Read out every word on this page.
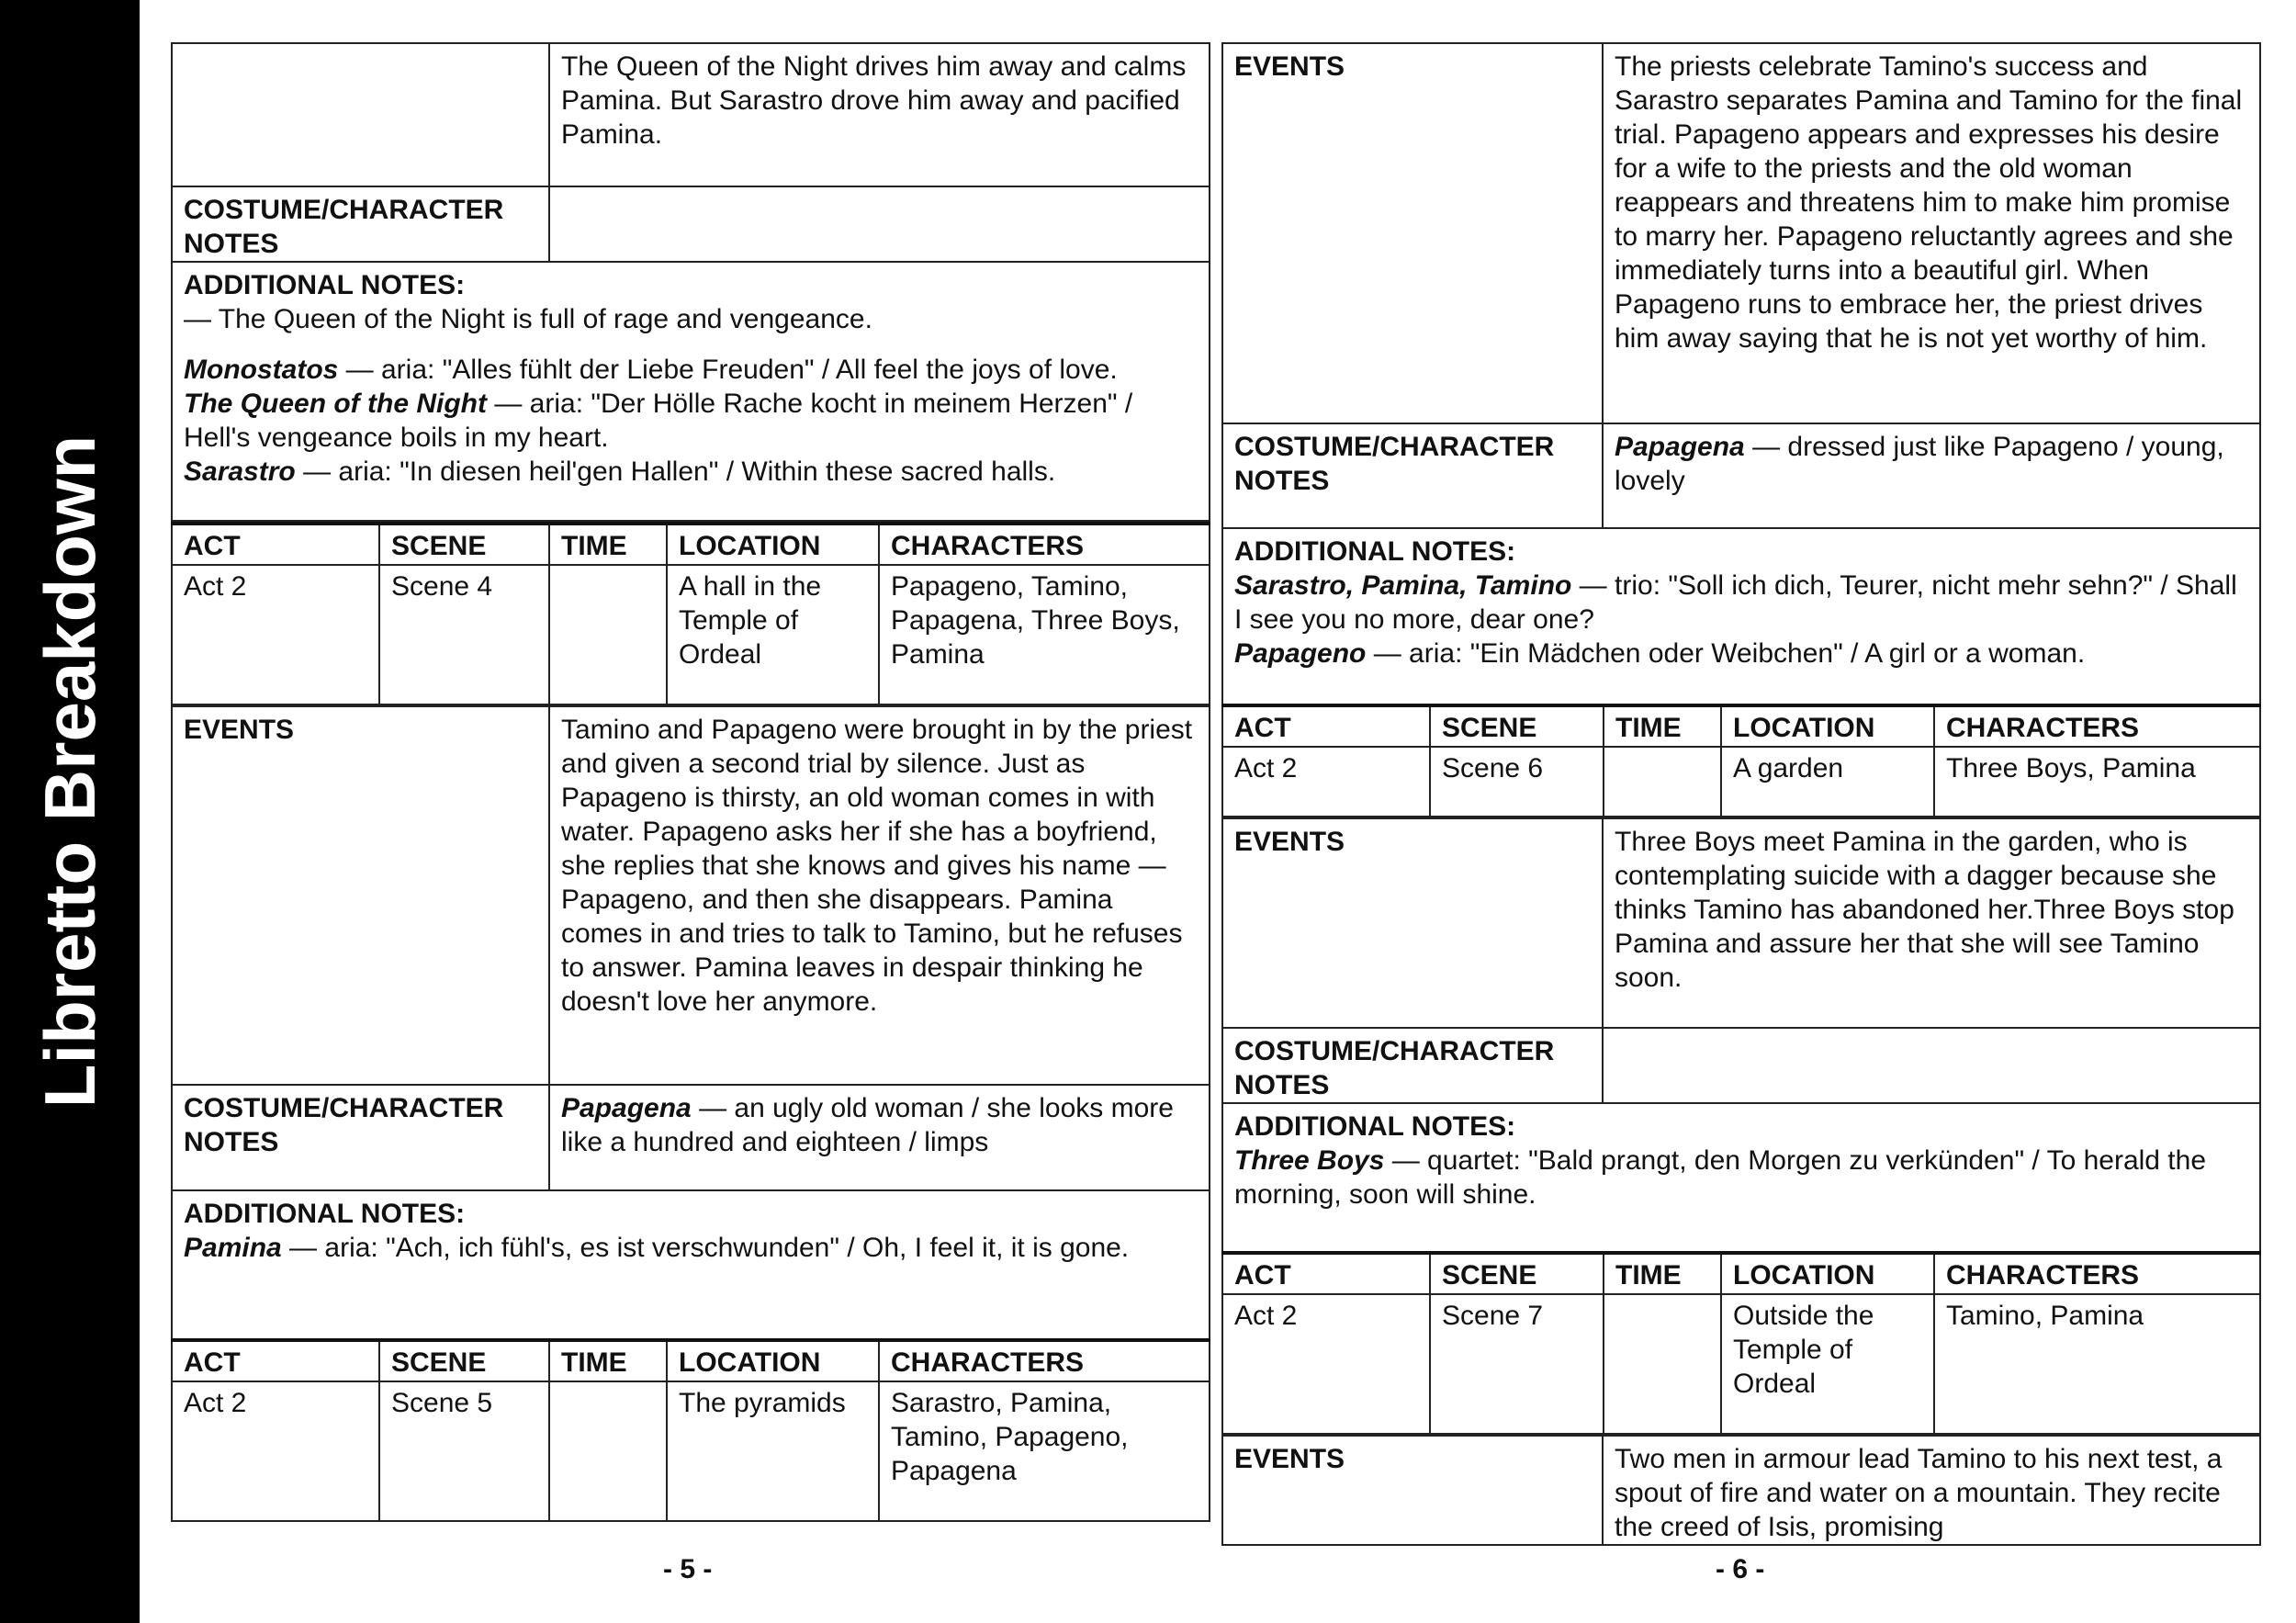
Libretto Breakdown
	The Queen of the Night drives him away and calms Pamina. But Sarastro drove him away and pacified Pamina.
COSTUME/CHARACTER NOTES	

ADDITIONAL NOTES:

— The Queen of the Night is full of rage and vengeance.

Monostatos — aria: "Alles fühlt der Liebe Freuden" / All feel the joys of love.

The Queen of the Night — aria: "Der Hölle Rache kocht in meinem Herzen" / Hell's vengeance boils in my heart.

Sarastro — aria: "In diesen heil'gen Hallen" / Within these sacred halls.

ACT	SCENE	TIME	LOCATION	CHARACTERS
Act 2	Scene 4		A hall in the Temple of Ordeal	Papageno, Tamino, Papagena, Three Boys, Pamina
EVENTS	Tamino and Papageno were brought in by the priest and given a second trial by silence. Just as Papageno is thirsty, an old woman comes in with water. Papageno asks her if she has a boyfriend, she replies that she knows and gives his name — Papageno, and then she disappears. Pamina comes in and tries to talk to Tamino, but he refuses to answer. Pamina leaves in despair thinking he doesn't love her anymore.
COSTUME/CHARACTER NOTES	Papagena — an ugly old woman / she looks more like a hundred and eighteen / limps

ADDITIONAL NOTES:

Pamina — aria: "Ach, ich fühl's, es ist verschwunden" / Oh, I feel it, it is gone.

ACT	SCENE	TIME	LOCATION	CHARACTERS
Act 2	Scene 5		The pyramids	Sarastro, Pamina, Tamino, Papageno, Papagena
- 5 -
EVENTS	The priests celebrate Tamino's success and Sarastro separates Pamina and Tamino for the final trial. Papageno appears and expresses his desire for a wife to the priests and the old woman reappears and threatens him to make him promise to marry her. Papageno reluctantly agrees and she immediately turns into a beautiful girl. When Papageno runs to embrace her, the priest drives him away saying that he is not yet worthy of him.
COSTUME/CHARACTER NOTES	Papagena — dressed just like Papageno / young, lovely

ADDITIONAL NOTES:

Sarastro, Pamina, Tamino — trio: "Soll ich dich, Teurer, nicht mehr sehn?" / Shall I see you no more, dear one?

Papageno — aria: "Ein Mädchen oder Weibchen" / A girl or a woman.

ACT	SCENE	TIME	LOCATION	CHARACTERS
Act 2	Scene 6		A garden	Three Boys, Pamina
EVENTS	Three Boys meet Pamina in the garden, who is contemplating suicide with a dagger because she thinks Tamino has abandoned her.Three Boys stop Pamina and assure her that she will see Tamino soon.
COSTUME/CHARACTER NOTES	

ADDITIONAL NOTES:

Three Boys — quartet: "Bald prangt, den Morgen zu verkünden" / To herald the morning, soon will shine.

ACT	SCENE	TIME	LOCATION	CHARACTERS
Act 2	Scene 7		Outside the Temple of Ordeal	Tamino, Pamina
EVENTS	Two men in armour lead Tamino to his next test, a spout of fire and water on a mountain. They recite the creed of Isis, promising
- 6 -
